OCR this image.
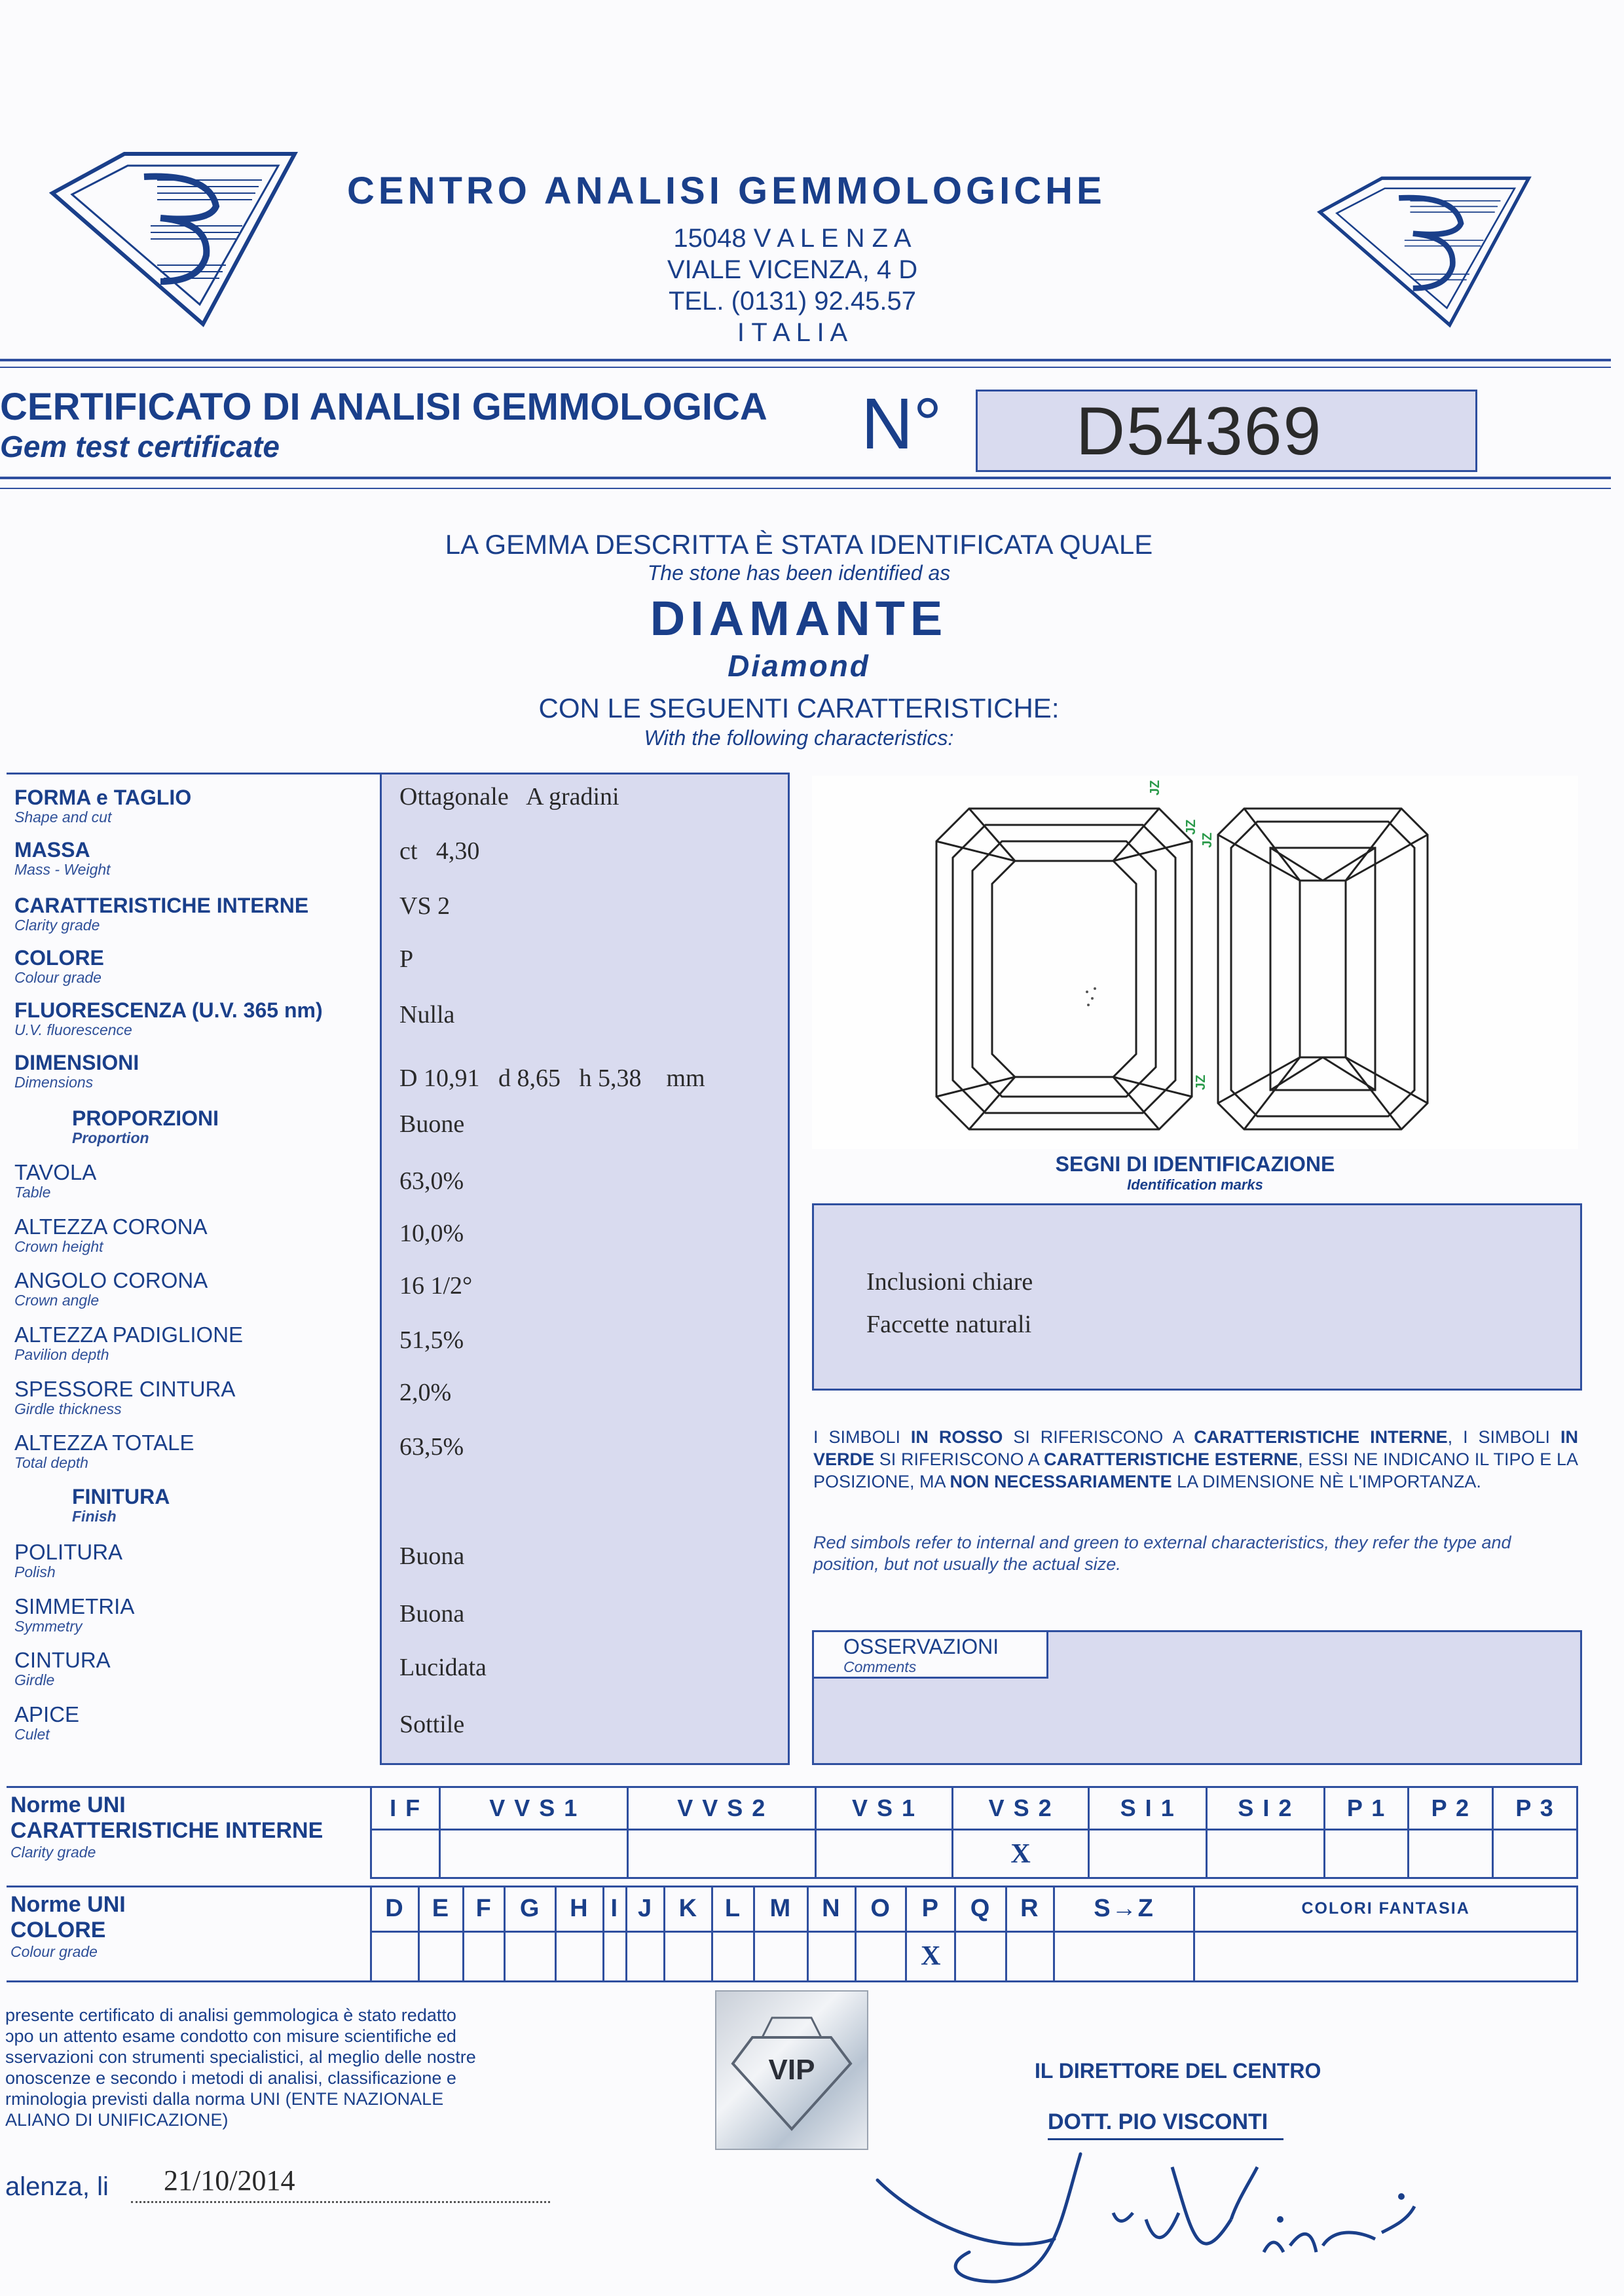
CENTRO ANALISI GEMMOLOGICHE
15048 V A L E N Z A
VIALE VICENZA, 4 D
TEL. (0131) 92.45.57
I T A L I A
CERTIFICATO DI ANALISI GEMMOLOGICA
Gem test certificate	N° D54369
LA GEMMA DESCRITTA È STATA IDENTIFICATA QUALE
The stone has been identified as
DIAMANTE
Diamond
CON LE SEGUENTI CARATTERISTICHE:
With the following characteristics:
FORMA e TAGLIO
Shape and cut
Ottagonale   A gradini
MASSA
Mass - Weight
ct   4,30
CARATTERISTICHE INTERNE
Clarity grade
VS 2
COLORE
Colour grade
P
FLUORESCENZA (U.V. 365 nm)
U.V. fluorescence
Nulla
DIMENSIONI
Dimensions	D 10,91   d 8,65   h 5,38    mm
PROPORZIONI
Proportion	Buone
TAVOLA
Table	63,0%
ALTEZZA CORONA
Crown height	10,0%
ANGOLO CORONA
Crown angle
16 1/2°
ALTEZZA PADIGLIONE
Pavilion depth
51,5%
SPESSORE CINTURA
Girdle thickness
2,0%
ALTEZZA TOTALE
Total depth
63,5%
FINITURA
Finish
POLITURA
Polish
Buona
SIMMETRIA
Symmetry	Buona
CINTURA
Girdle	Lucidata
APICE
Culet	Sottile
JZ
JZ
JZ
JZ
SEGNI DI IDENTIFICAZIONE
Identification marks
Inclusioni chiare
Faccette naturali
I SIMBOLI IN ROSSO SI RIFERISCONO A CARATTERISTICHE INTERNE, I SIMBOLI IN VERDE SI RIFERISCONO A CARATTERISTICHE ESTERNE, ESSI NE INDICANO IL TIPO E LA POSIZIONE, MA NON NECESSARIAMENTE LA DIMENSIONE NÈ L'IMPORTANZA.
Red simbols refer to internal and green to external characteristics, they refer the type and position, but not usually the actual size.
OSSERVAZIONI
Comments
Norme UNI
CARATTERISTICHE INTERNE
Clarity grade
I F	V V S 1	V V S 2	V S 1	V S 2	S I 1	S I 2	P 1	P 2	P 3
				X					
Norme UNI
COLORE
Colour grade
D	E	F	G	H	I	J	K	L	M	N	O	P	Q	R	S→Z	COLORI FANTASIA
												X				
presente certificato di analisi gemmologica è stato redatto
ɔpo un attento esame condotto con misure scientifiche ed
sservazioni con strumenti specialistici, al meglio delle nostre
onoscenze e secondo i metodi di analisi, classificazione e
rminologia previsti dalla norma UNI (ENTE NAZIONALE
ALIANO DI UNIFICAZIONE)
alenza, li 21/10/2014
VIP	IL DIRETTORE DEL CENTRO
DOTT. PIO VISCONTI
